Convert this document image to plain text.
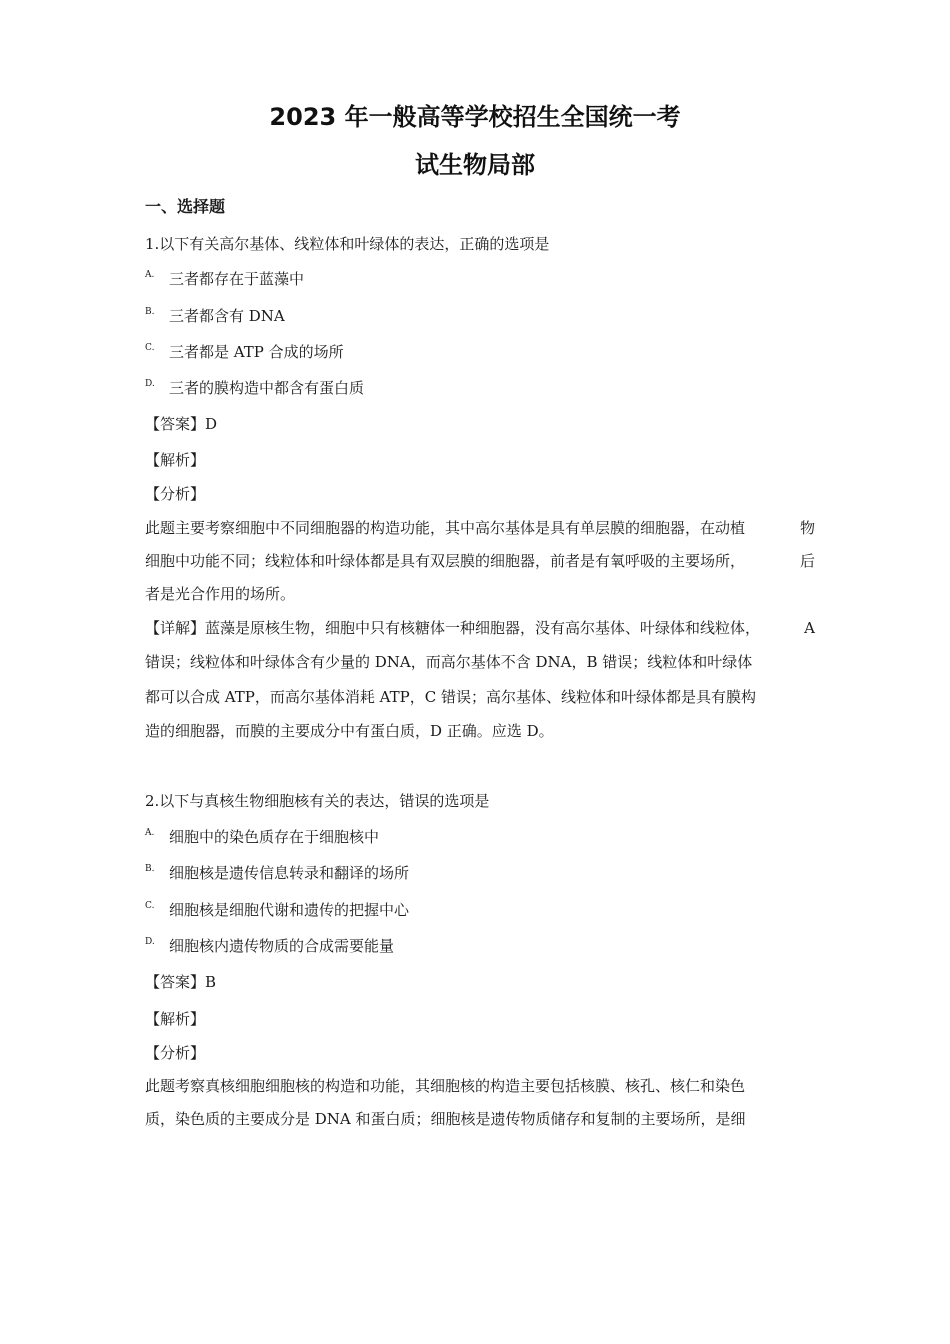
2023 年一般高等学校招生全国统一考
试生物局部
一、选择题
1.以下有关高尔基体、线粒体和叶绿体的表达，正确的选项是
A. 三者都存在于蓝藻中
B. 三者都含有 DNA
C. 三者都是 ATP 合成的场所
D. 三者的膜构造中都含有蛋白质
【答案】D
【解析】
【分析】
此题主要考察细胞中不同细胞器的构造功能，其中高尔基体是具有单层膜的细胞器，在动植	物
细胞中功能不同；线粒体和叶绿体都是具有双层膜的细胞器，前者是有氧呼吸的主要场所，	后
者是光合作用的场所。
【详解】蓝藻是原核生物，细胞中只有核糖体一种细胞器，没有高尔基体、叶绿体和线粒体，	A
错误；线粒体和叶绿体含有少量的 DNA，而高尔基体不含 DNA，B 错误；线粒体和叶绿体
都可以合成 ATP，而高尔基体消耗 ATP，C 错误；高尔基体、线粒体和叶绿体都是具有膜构
造的细胞器，而膜的主要成分中有蛋白质，D 正确。应选 D。
2.以下与真核生物细胞核有关的表达，错误的选项是
A. 细胞中的染色质存在于细胞核中
B. 细胞核是遗传信息转录和翻译的场所
C. 细胞核是细胞代谢和遗传的把握中心
D. 细胞核内遗传物质的合成需要能量
【答案】B
【解析】
【分析】
此题考察真核细胞细胞核的构造和功能，其细胞核的构造主要包括核膜、核孔、核仁和染色
质，染色质的主要成分是 DNA 和蛋白质；细胞核是遗传物质储存和复制的主要场所，是细
